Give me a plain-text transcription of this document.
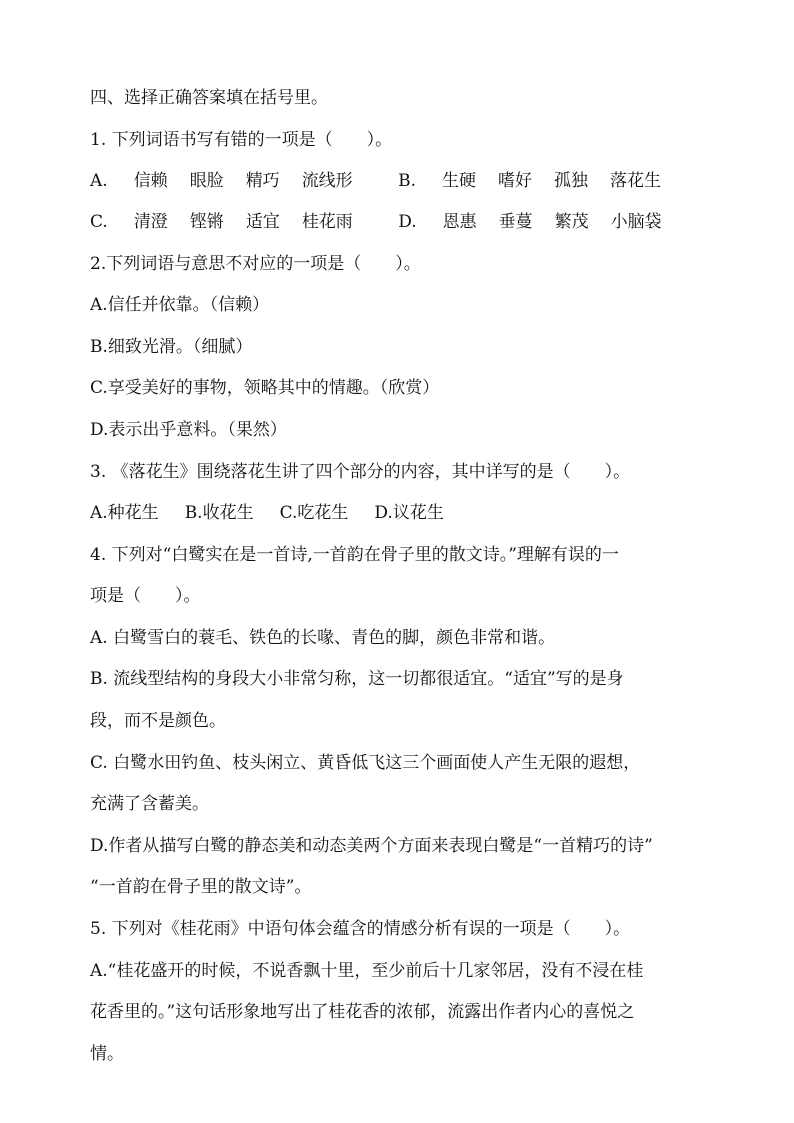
四、选择正确答案填在括号里。
1. 下列词语书写有错的一项是（　　）。
A. 信赖 眼脸 精巧 流线形	B. 生硬 嗜好 孤独 落花生
C. 清澄 铿锵 适宜 桂花雨	D. 恩惠 垂蔓 繁茂 小脑袋
2.下列词语与意思不对应的一项是（　　）。
A.信任并依靠。（信赖）
B.细致光滑。（细腻）
C.享受美好的事物，领略其中的情趣。（欣赏）
D.表示出乎意料。（果然）
3. 《落花生》围绕落花生讲了四个部分的内容，其中详写的是（　　）。
A.种花生 B.收花生 C.吃花生 D.议花生
4. 下列对“白鹭实在是一首诗,一首韵在骨子里的散文诗。”理解有误的一
项是（　　）。
A. 白鹭雪白的蓑毛、铁色的长喙、青色的脚，颜色非常和谐。
B. 流线型结构的身段大小非常匀称，这一切都很适宜。“适宜”写的是身
段，而不是颜色。
C. 白鹭水田钓鱼、枝头闲立、黄昏低飞这三个画面使人产生无限的遐想，
充满了含蓄美。
D.作者从描写白鹭的静态美和动态美两个方面来表现白鹭是“一首精巧的诗”
“一首韵在骨子里的散文诗”。
5. 下列对《桂花雨》中语句体会蕴含的情感分析有误的一项是（　　）。
A.“桂花盛开的时候，不说香飘十里，至少前后十几家邻居，没有不浸在桂
花香里的。”这句话形象地写出了桂花香的浓郁，流露出作者内心的喜悦之
情。
